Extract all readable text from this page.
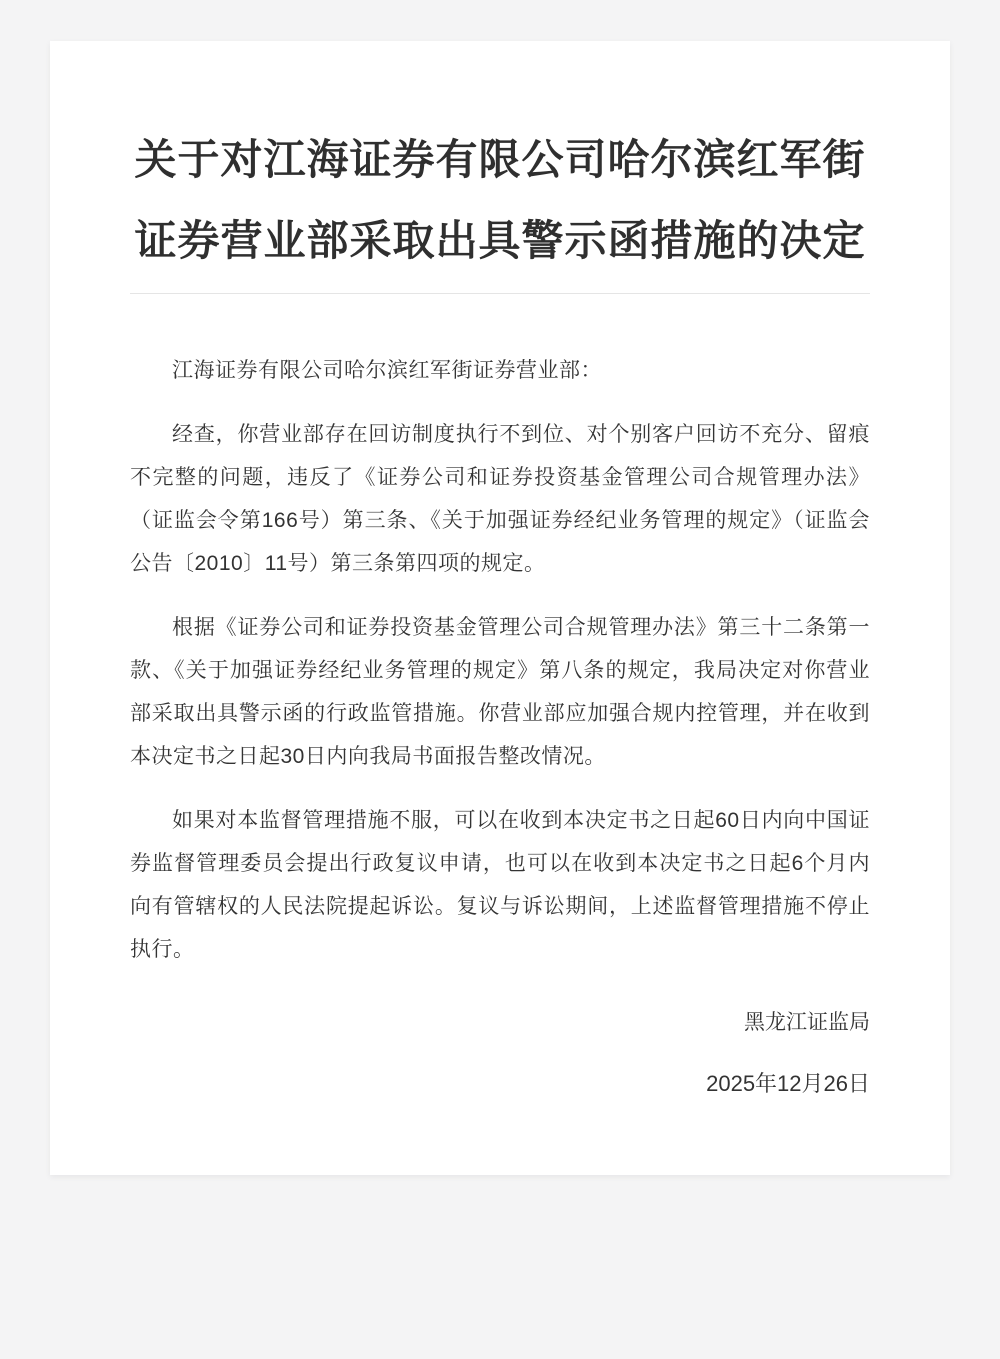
关于对江海证券有限公司哈尔滨红军街证券营业部采取出具警示函措施的决定

江海证券有限公司哈尔滨红军街证券营业部：

经查，你营业部存在回访制度执行不到位、对个别客户回访不充分、留痕不完整的问题，违反了《证券公司和证券投资基金管理公司合规管理办法》（证监会令第166号）第三条、《关于加强证券经纪业务管理的规定》（证监会公告〔2010〕11号）第三条第四项的规定。

根据《证券公司和证券投资基金管理公司合规管理办法》第三十二条第一款、《关于加强证券经纪业务管理的规定》第八条的规定，我局决定对你营业部采取出具警示函的行政监管措施。你营业部应加强合规内控管理，并在收到本决定书之日起30日内向我局书面报告整改情况。

如果对本监督管理措施不服，可以在收到本决定书之日起60日内向中国证券监督管理委员会提出行政复议申请，也可以在收到本决定书之日起6个月内向有管辖权的人民法院提起诉讼。复议与诉讼期间，上述监督管理措施不停止执行。

黑龙江证监局
2025年12月26日
